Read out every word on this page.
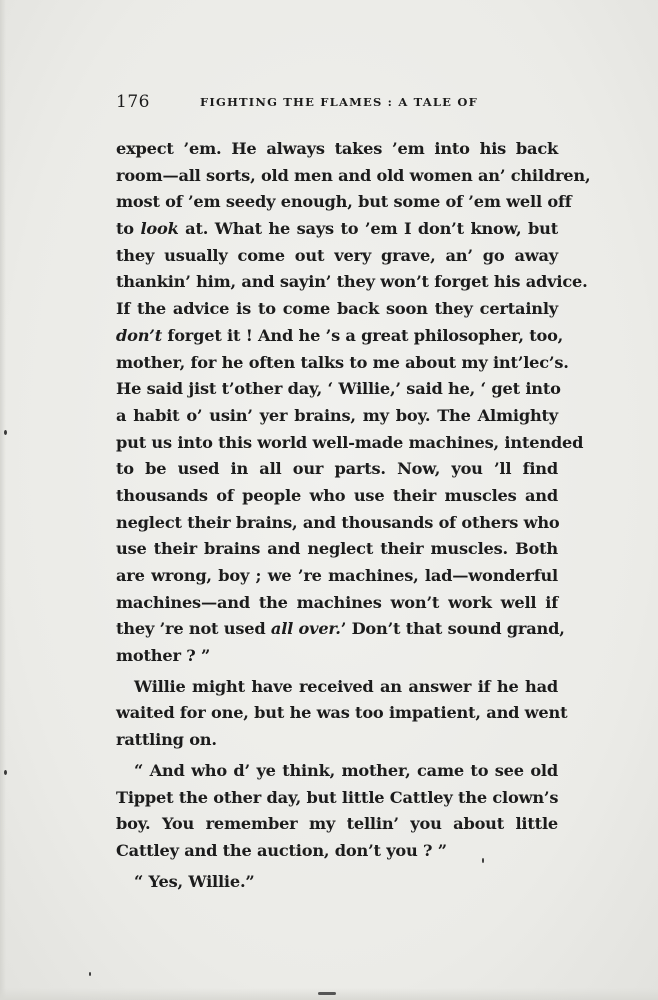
176	FIGHTING THE FLAMES : A TALE OF
expect ’em. He always takes ’em into his back
room—all sorts, old men and old women an’ children,
most of ’em seedy enough, but some of ’em well off
to look at. What he says to ’em I don’t know, but
they usually come out very grave, an’ go away
thankin’ him, and sayin’ they won’t forget his advice.
If the advice is to come back soon they certainly
don’t forget it ! And he ’s a great philosopher, too,
mother, for he often talks to me about my int’lec’s.
He said jist t’other day, ‘ Willie,’ said he, ‘ get into
a habit o’ usin’ yer brains, my boy. The Almighty
put us into this world well-made machines, intended
to be used in all our parts. Now, you ’ll find
thousands of people who use their muscles and
neglect their brains, and thousands of others who
use their brains and neglect their muscles. Both
are wrong, boy ; we ’re machines, lad—wonderful
machines—and the machines won’t work well if
they ’re not used all over.’ Don’t that sound grand,
mother ? ”
Willie might have received an answer if he had
waited for one, but he was too impatient, and went
rattling on.
“ And who d’ ye think, mother, came to see old
Tippet the other day, but little Cattley the clown’s
boy. You remember my tellin’ you about little
Cattley and the auction, don’t you ? ”
“ Yes, Willie.”
